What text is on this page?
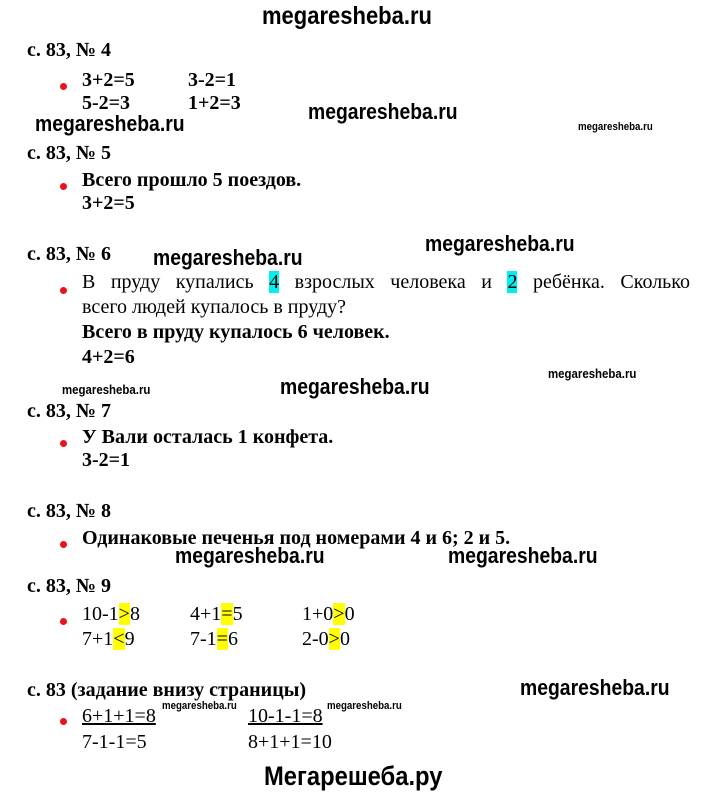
megaresheba.ru
с. 83, № 4
3+2=5	3-2=1
5-2=3	1+2=3
megaresheba.ru	megaresheba.ru
megaresheba.ru
с. 83, № 5
Всего прошло 5 поездов.
3+2=5
megaresheba.ru
с. 83, № 6 megaresheba.ru
В пруду купались 4 взрослых человека и 2 ребёнка. Сколько
всего людей купалось в пруду?
Всего в пруду купалось 6 человек.
4+2=6
megaresheba.ru
megaresheba.ru
megaresheba.ru
с. 83, № 7
У Вали осталась 1 конфета.
3-2=1
с. 83, № 8
Одинаковые печенья под номерами 4 и 6; 2 и 5.
megaresheba.ru	megaresheba.ru
с. 83, № 9
10-1>8	4+1=5	1+0>0
7+1<9	7-1=6	2-0>0
с. 83 (задание внизу страницы)	megaresheba.ru
6+1+1=8 megaresheba.ru 10-1-1=8 megaresheba.ru
7-1-1=5	8+1+1=10
Мегарешеба.ру
